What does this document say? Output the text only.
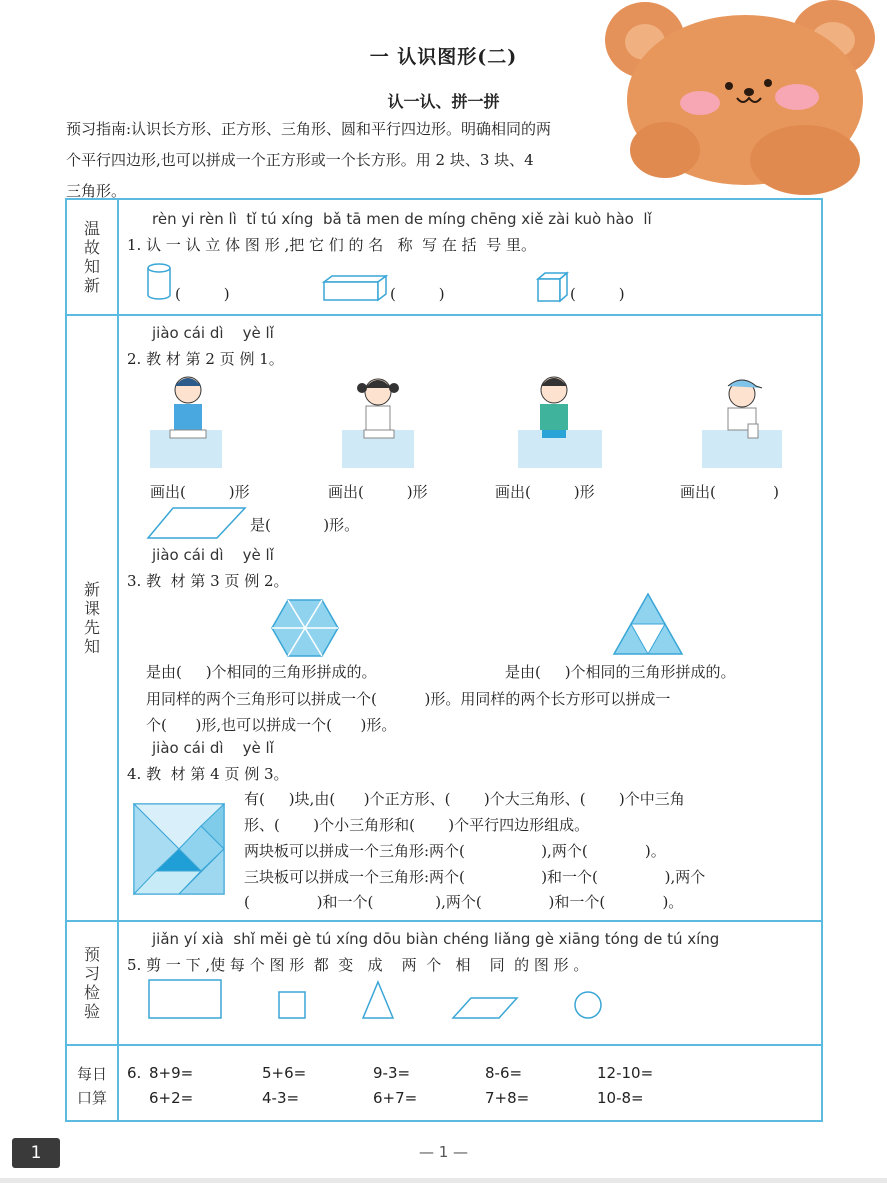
一 认识图形(二)
认一认、拼一拼
预习指南:认识长方形、正方形、三角形、圆和平行四边形。明确相同的两
个平行四边形,也可以拼成一个正方形或一个长方形。用 2 块、3 块、4
三角形。
温故知新
新课先知
预习检验
每日
口算
rèn yi rèn lì  tǐ tú xíng  bǎ tā men de míng chēng xiě zài kuò hào  lǐ
1. 认 一 认 立 体 图 形 ,把 它 们 的 名   称  写 在 括  号 里。
(         )	(         )	(         )
jiào cái dì    yè lǐ
2. 教 材 第 2 页 例 1。
画出(         )形	画出(         )形	画出(         )形	画出(            )
是(           )形。
jiào cái dì    yè lǐ
3. 教  材 第 3 页 例 2。
是由(     )个相同的三角形拼成的。	是由(     )个相同的三角形拼成的。
用同样的两个三角形可以拼成一个(          )形。用同样的两个长方形可以拼成一
个(      )形,也可以拼成一个(      )形。
jiào cái dì    yè lǐ
4. 教  材 第 4 页 例 3。
有(     )块,由(      )个正方形、(       )个大三角形、(       )个中三角
形、(       )个小三角形和(       )个平行四边形组成。
两块板可以拼成一个三角形:两个(                ),两个(            )。
三块板可以拼成一个三角形:两个(                )和一个(              ),两个
(              )和一个(             ),两个(              )和一个(            )。
jiǎn yí xià  shǐ měi gè tú xíng dōu biàn chéng liǎng gè xiāng tóng de tú xíng
5. 剪 一 下 ,使 每 个 图 形  都  变   成    两  个   相    同  的 图 形 。
6. 8+9=	5+6=	9-3=	8-6=	12-10=
6+2=	4-3=	6+7=	7+8=	10-8=
1	— 1 —
